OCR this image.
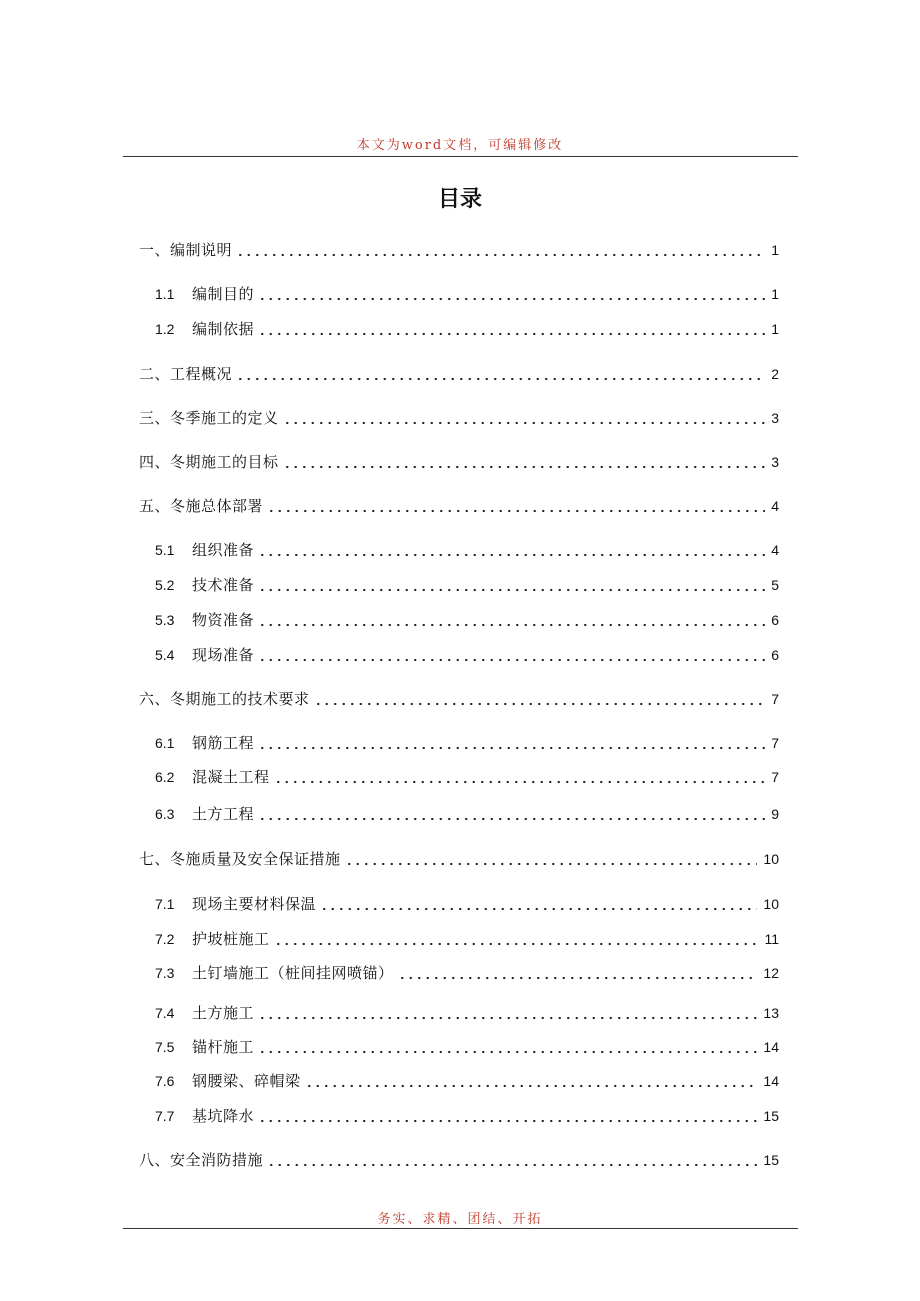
本文为word文档，可编辑修改
目录
一、编制说明	1
1.1	编制目的	1
1.2	编制依据	1
二、工程概况	2
三、冬季施工的定义	3
四、冬期施工的目标	3
五、冬施总体部署	4
5.1	组织准备	4
5.2	技术准备	5
5.3	物资准备	6
5.4	现场准备	6
六、冬期施工的技术要求	7
6.1	钢筋工程	7
6.2	混凝土工程	7
6.3	土方工程	9
七、冬施质量及安全保证措施	10
7.1	现场主要材料保温	10
7.2	护坡桩施工	11
7.3	土钉墙施工（桩间挂网喷锚）	12
7.4	土方施工	13
7.5	锚杆施工	14
7.6	钢腰梁、碎帽梁	14
7.7	基坑降水	15
八、安全消防措施	15
务实、求精、团结、开拓
